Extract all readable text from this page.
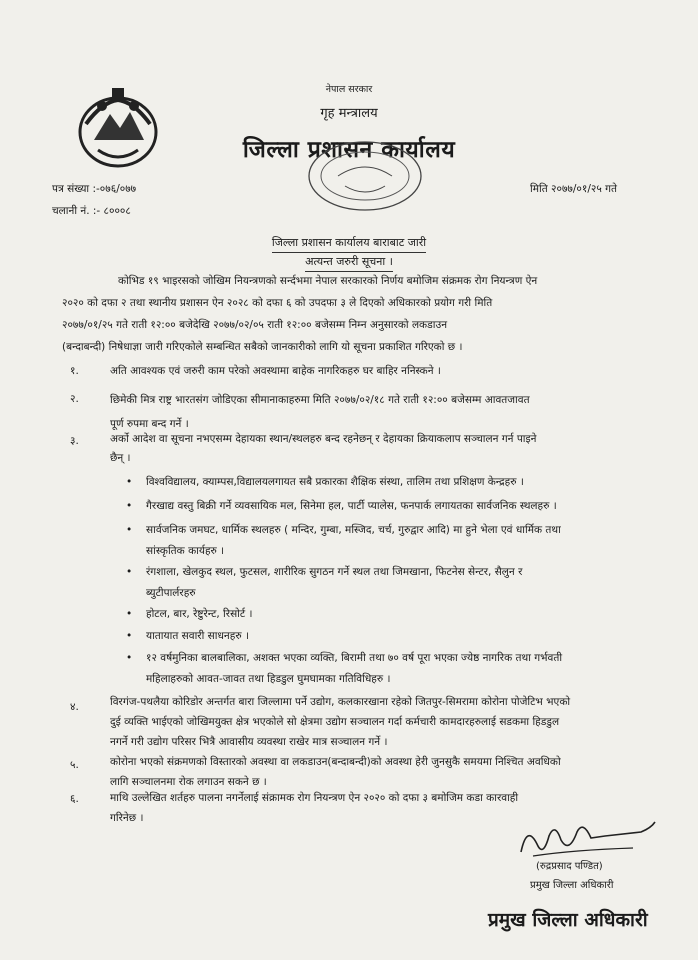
नेपाल सरकार
गृह मन्त्रालय
जिल्ला प्रशासन कार्यालय
पत्र संख्या :-०७६/०७७
चलानी नं. :- ८०००८
मिति २०७७/०१/२५ गते
जिल्ला प्रशासन कार्यालय बाराबाट जारी
अत्यन्त जरुरी सूचना ।
कोभिड १९ भाइरसको जोखिम नियन्त्रणको सर्न्दभमा नेपाल सरकारको निर्णय बमोजिम संक्रमक रोग नियन्त्रण ऐन
२०२० को दफा २ तथा स्थानीय प्रशासन ऐन २०२८ को दफा ६ को उपदफा ३ ले दिएको अधिकारको प्रयोग गरी मिति
२०७७/०१/२५ गते राती १२:०० बजेदेखि २०७७/०२/०५ राती १२:०० बजेसम्म निम्न अनुसारको लकडाउन
(बन्दाबन्दी) निषेधाज्ञा जारी गरिएकोले सम्बन्धित सबैको जानकारीको लागि यो सूचना प्रकाशित गरिएको छ ।
१.	अति आवश्यक एवं जरुरी काम परेको अवस्थामा बाहेक नागरिकहरु घर बाहिर ननिस्कने ।
२.	छिमेकी मित्र राष्ट्र भारतसंग जोडिएका सीमानाकाहरुमा मिति २०७७/०२/१८ गते राती १२:०० बजेसम्म आवतजावत
पूर्ण रुपमा बन्द गर्ने ।
३.	अर्को आदेश वा सूचना नभएसम्म देहायका स्थान/स्थलहरु बन्द रहनेछन् र देहायका क्रियाकलाप सञ्चालन गर्न पाइने
छैन् ।
• विश्वविद्यालय, क्याम्पस,विद्यालयलगायत सबै प्रकारका शैक्षिक संस्था, तालिम तथा प्रशिक्षण केन्द्रहरु ।
• गैरखाद्य वस्तु बिक्री गर्ने व्यवसायिक मल, सिनेमा हल, पार्टी प्यालेस, फनपार्क लगायतका सार्वजनिक स्थलहरु ।
• सार्वजनिक जमघट, धार्मिक स्थलहरु ( मन्दिर, गुम्बा, मस्जिद, चर्च, गुरुद्वार आदि) मा हुने भेला एवं धार्मिक तथा
सांस्कृतिक कार्यहरु ।
• रंगशाला, खेलकुद स्थल, फुटसल, शारीरिक सुगठन गर्ने स्थल तथा जिमखाना, फिटनेस सेन्टर, सैलुन र
ब्युटीपार्लरहरु
• होटल, बार, रेष्टुरेन्ट, रिसोर्ट ।
• यातायात सवारी साधनहरु ।
• १२ वर्षमुनिका बालबालिका, अशक्त भएका व्यक्ति, बिरामी तथा ७० वर्ष पूरा भएका ज्येष्ठ नागरिक तथा गर्भवती
महिलाहरुको आवत-जावत तथा हिडडुल घुमघामका गतिविधिहरु ।
४.	विरगंज-पथलैया कोरिडोर अन्तर्गत बारा जिल्लामा पर्ने उद्योग, कलकारखाना रहेको जितपुर-सिमरामा कोरोना पोजेटिभ भएको
दुई व्यक्ति भाईएको जोखिमयुक्त क्षेत्र भएकोले सो क्षेत्रमा उद्योग सञ्चालन गर्दा कर्मचारी कामदारहरुलाई सडकमा हिडडुल
नगर्ने गरी उद्योग परिसर भित्रै आवासीय व्यवस्था राखेर मात्र सञ्चालन गर्ने ।
५.	कोरोना भएको संक्रमणको विस्तारको अवस्था वा लकडाउन(बन्दाबन्दी)को अवस्था हेरी जुनसुकै समयमा निश्चित अवधिको
लागि सञ्चालनमा रोक लगाउन सकने छ ।
६.	माथि उल्लेखित शर्तहरु पालना नगर्नेलाई संक्रामक रोग नियन्त्रण ऐन २०२० को दफा ३ बमोजिम कडा कारवाही
गरिनेछ ।
(रुद्रप्रसाद पण्डित)
प्रमुख जिल्ला अधिकारी
प्रमुख जिल्ला अधिकारी
